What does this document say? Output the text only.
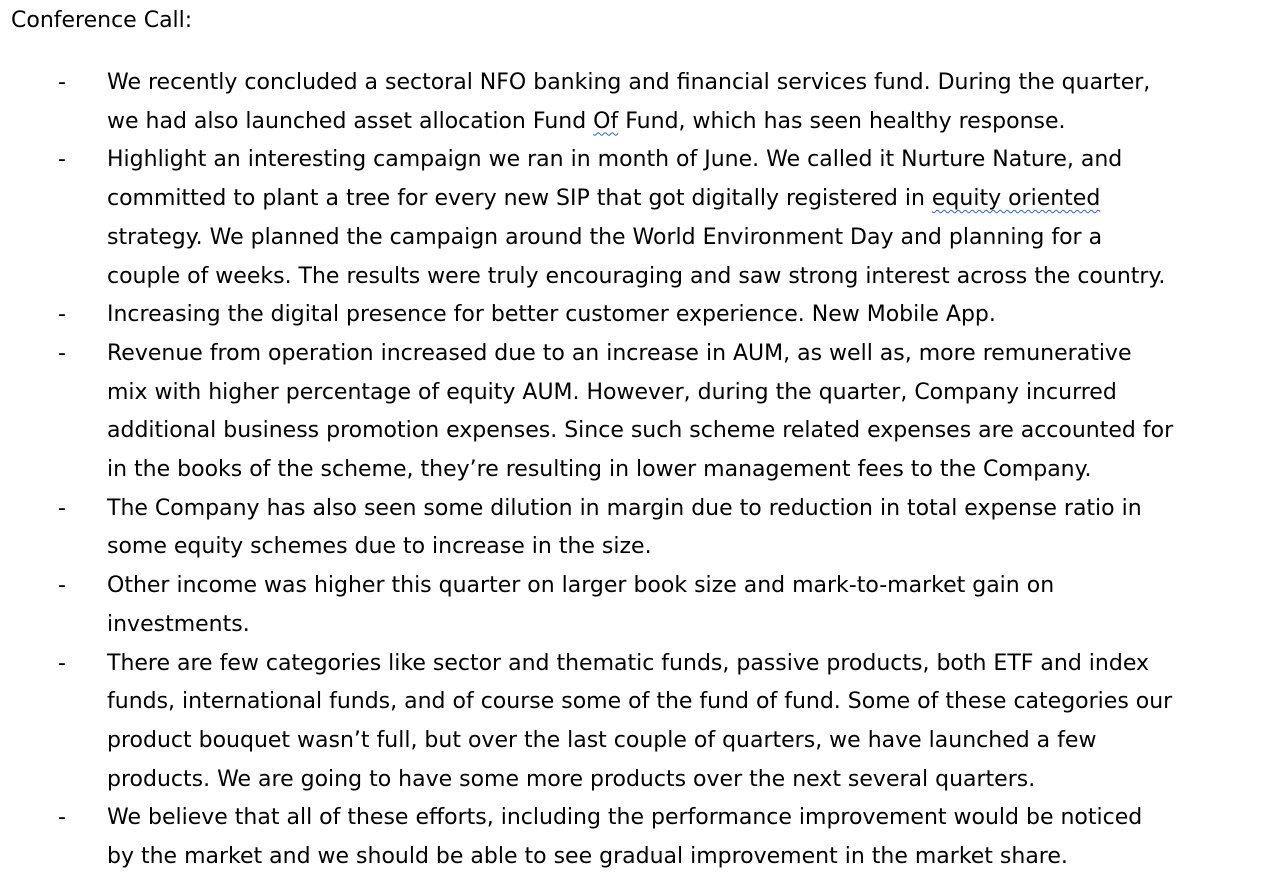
Conference Call:
- We recently concluded a sectoral NFO banking and financial services fund. During the quarter,
we had also launched asset allocation Fund Of Fund, which has seen healthy response.
- Highlight an interesting campaign we ran in month of June. We called it Nurture Nature, and
committed to plant a tree for every new SIP that got digitally registered in equity oriented
strategy. We planned the campaign around the World Environment Day and planning for a
couple of weeks. The results were truly encouraging and saw strong interest across the country.
- Increasing the digital presence for better customer experience. New Mobile App.
- Revenue from operation increased due to an increase in AUM, as well as, more remunerative
mix with higher percentage of equity AUM. However, during the quarter, Company incurred
additional business promotion expenses. Since such scheme related expenses are accounted for
in the books of the scheme, they’re resulting in lower management fees to the Company.
- The Company has also seen some dilution in margin due to reduction in total expense ratio in
some equity schemes due to increase in the size.
- Other income was higher this quarter on larger book size and mark-to-market gain on
investments.
- There are few categories like sector and thematic funds, passive products, both ETF and index
funds, international funds, and of course some of the fund of fund. Some of these categories our
product bouquet wasn’t full, but over the last couple of quarters, we have launched a few
products. We are going to have some more products over the next several quarters.
- We believe that all of these efforts, including the performance improvement would be noticed
by the market and we should be able to see gradual improvement in the market share.
